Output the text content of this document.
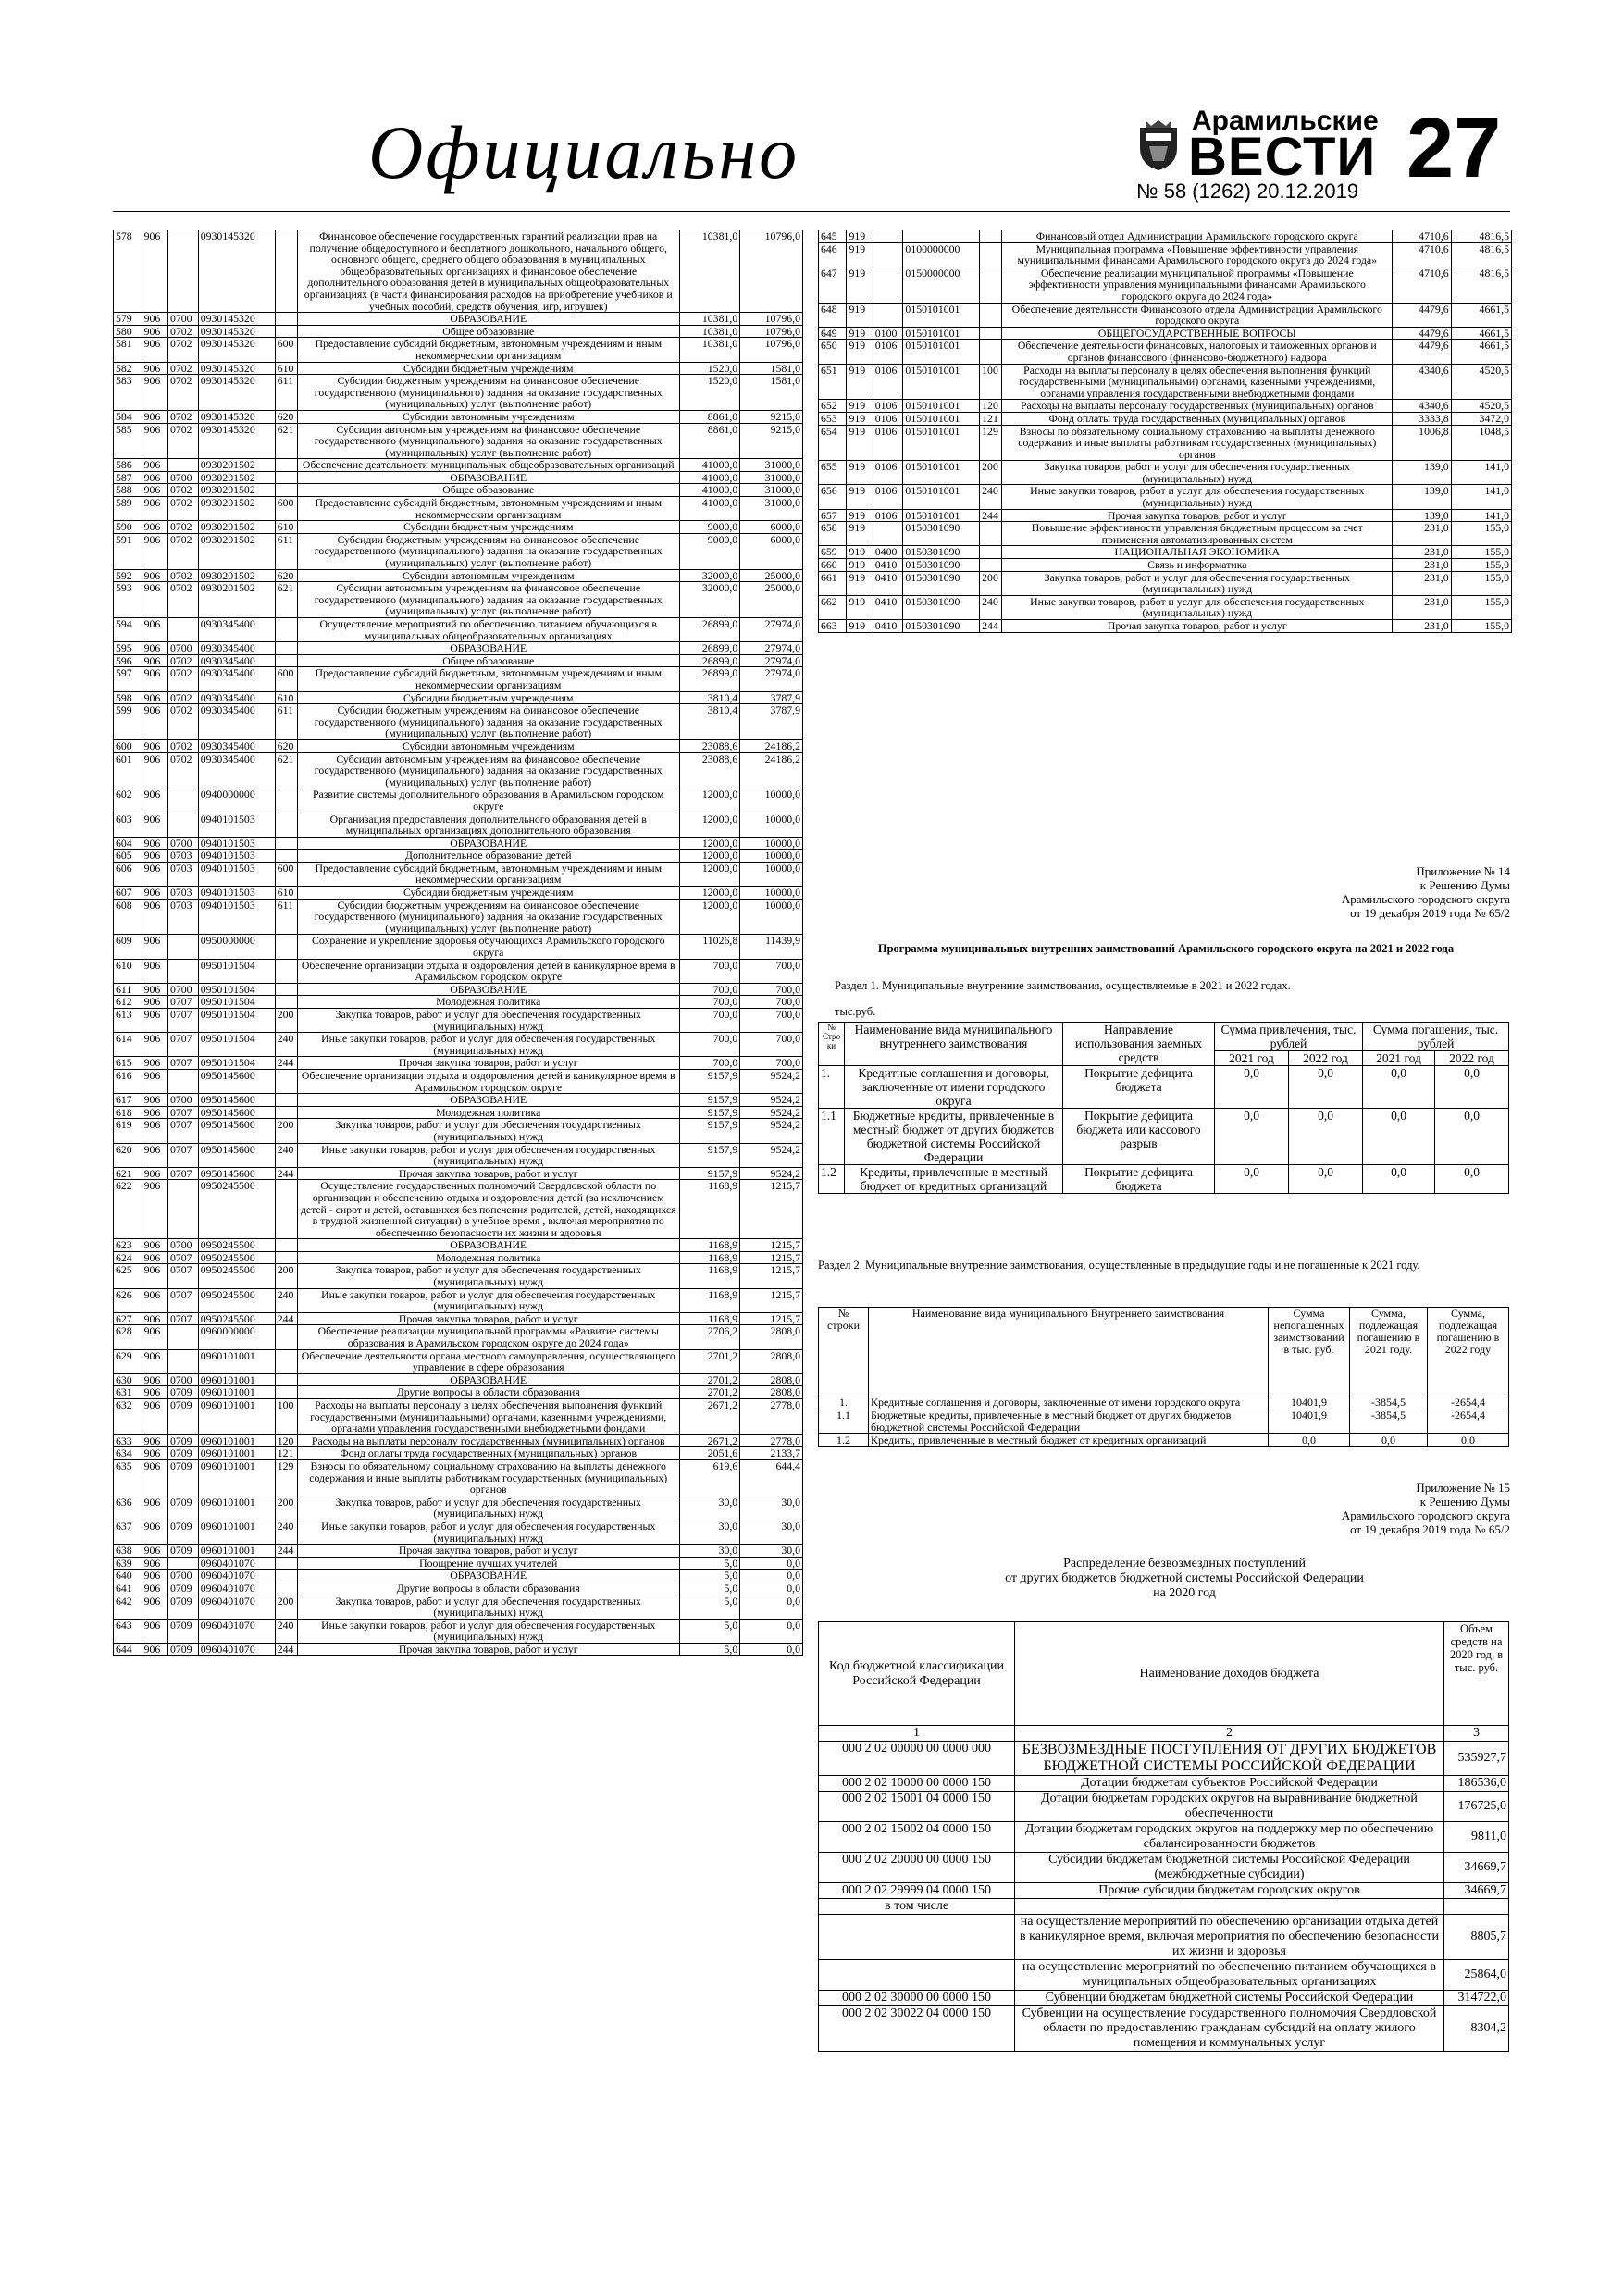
Официально	Арамильские
ВЕСТИ 27
№ 58 (1262) 20.12.2019
578	906		0930145320		Финансовое обеспечение государственных гарантий реализации прав на получение общедоступного и бесплатного дошкольного, начального общего, основного общего, среднего общего образования в муниципальных общеобразовательных организациях и финансовое обеспечение дополнительного образования детей в муниципальных общеобразовательных организациях (в части финансирования расходов на приобретение учебников и учебных пособий, средств обучения, игр, игрушек)	10381,0	10796,0
579	906	0700	0930145320		ОБРАЗОВАНИЕ	10381,0	10796,0
580	906	0702	0930145320		Общее образование	10381,0	10796,0
581	906	0702	0930145320	600	Предоставление субсидий бюджетным, автономным учреждениям и иным некоммерческим организациям	10381,0	10796,0
582	906	0702	0930145320	610	Субсидии бюджетным учреждениям	1520,0	1581,0
583	906	0702	0930145320	611	Субсидии бюджетным учреждениям на финансовое обеспечение государственного (муниципального) задания на оказание государственных (муниципальных) услуг (выполнение работ)	1520,0	1581,0
584	906	0702	0930145320	620	Субсидии автономным учреждениям	8861,0	9215,0
585	906	0702	0930145320	621	Субсидии автономным учреждениям на финансовое обеспечение государственного (муниципального) задания на оказание государственных (муниципальных) услуг (выполнение работ)	8861,0	9215,0
586	906		0930201502		Обеспечение деятельности муниципальных общеобразовательных организаций	41000,0	31000,0
587	906	0700	0930201502		ОБРАЗОВАНИЕ	41000,0	31000,0
588	906	0702	0930201502		Общее образование	41000,0	31000,0
589	906	0702	0930201502	600	Предоставление субсидий бюджетным, автономным учреждениям и иным некоммерческим организациям	41000,0	31000,0
590	906	0702	0930201502	610	Субсидии бюджетным учреждениям	9000,0	6000,0
591	906	0702	0930201502	611	Субсидии бюджетным учреждениям на финансовое обеспечение государственного (муниципального) задания на оказание государственных (муниципальных) услуг (выполнение работ)	9000,0	6000,0
592	906	0702	0930201502	620	Субсидии автономным учреждениям	32000,0	25000,0
593	906	0702	0930201502	621	Субсидии автономным учреждениям на финансовое обеспечение государственного (муниципального) задания на оказание государственных (муниципальных) услуг (выполнение работ)	32000,0	25000,0
594	906		0930345400		Осуществление мероприятий по обеспечению питанием обучающихся в муниципальных общеобразовательных организациях	26899,0	27974,0
595	906	0700	0930345400		ОБРАЗОВАНИЕ	26899,0	27974,0
596	906	0702	0930345400		Общее образование	26899,0	27974,0
597	906	0702	0930345400	600	Предоставление субсидий бюджетным, автономным учреждениям и иным некоммерческим организациям	26899,0	27974,0
598	906	0702	0930345400	610	Субсидии бюджетным учреждениям	3810,4	3787,9
599	906	0702	0930345400	611	Субсидии бюджетным учреждениям на финансовое обеспечение государственного (муниципального) задания на оказание государственных (муниципальных) услуг (выполнение работ)	3810,4	3787,9
600	906	0702	0930345400	620	Субсидии автономным учреждениям	23088,6	24186,2
601	906	0702	0930345400	621	Субсидии автономным учреждениям на финансовое обеспечение государственного (муниципального) задания на оказание государственных (муниципальных) услуг (выполнение работ)	23088,6	24186,2
602	906		0940000000		Развитие системы дополнительного образования в Арамильском городском округе	12000,0	10000,0
603	906		0940101503		Организация предоставления дополнительного образования детей в муниципальных организациях дополнительного образования	12000,0	10000,0
604	906	0700	0940101503		ОБРАЗОВАНИЕ	12000,0	10000,0
605	906	0703	0940101503		Дополнительное образование детей	12000,0	10000,0
606	906	0703	0940101503	600	Предоставление субсидий бюджетным, автономным учреждениям и иным некоммерческим организациям	12000,0	10000,0
607	906	0703	0940101503	610	Субсидии бюджетным учреждениям	12000,0	10000,0
608	906	0703	0940101503	611	Субсидии бюджетным учреждениям на финансовое обеспечение государственного (муниципального) задания на оказание государственных (муниципальных) услуг (выполнение работ)	12000,0	10000,0
609	906		0950000000		Сохранение и укрепление здоровья обучающихся Арамильского городского округа	11026,8	11439,9
610	906		0950101504		Обеспечение организации отдыха и оздоровления детей в каникулярное время в Арамильском городском округе	700,0	700,0
611	906	0700	0950101504		ОБРАЗОВАНИЕ	700,0	700,0
612	906	0707	0950101504		Молодежная политика	700,0	700,0
613	906	0707	0950101504	200	Закупка товаров, работ и услуг для обеспечения государственных (муниципальных) нужд	700,0	700,0
614	906	0707	0950101504	240	Иные закупки товаров, работ и услуг для обеспечения государственных (муниципальных) нужд	700,0	700,0
615	906	0707	0950101504	244	Прочая закупка товаров, работ и услуг	700,0	700,0
616	906		0950145600		Обеспечение организации отдыха и оздоровления детей в каникулярное время в Арамильском городском округе	9157,9	9524,2
617	906	0700	0950145600		ОБРАЗОВАНИЕ	9157,9	9524,2
618	906	0707	0950145600		Молодежная политика	9157,9	9524,2
619	906	0707	0950145600	200	Закупка товаров, работ и услуг для обеспечения государственных (муниципальных) нужд	9157,9	9524,2
620	906	0707	0950145600	240	Иные закупки товаров, работ и услуг для обеспечения государственных (муниципальных) нужд	9157,9	9524,2
621	906	0707	0950145600	244	Прочая закупка товаров, работ и услуг	9157,9	9524,2
622	906		0950245500		Осуществление государственных полномочий Свердловской области по организации и обеспечению отдыха и оздоровления детей (за исключением детей - сирот и детей, оставшихся без попечения родителей, детей, находящихся в трудной жизненной ситуации) в учебное время , включая мероприятия по обеспечению безопасности их жизни и здоровья	1168,9	1215,7
623	906	0700	0950245500		ОБРАЗОВАНИЕ	1168,9	1215,7
624	906	0707	0950245500		Молодежная политика	1168,9	1215,7
625	906	0707	0950245500	200	Закупка товаров, работ и услуг для обеспечения государственных (муниципальных) нужд	1168,9	1215,7
626	906	0707	0950245500	240	Иные закупки товаров, работ и услуг для обеспечения государственных (муниципальных) нужд	1168,9	1215,7
627	906	0707	0950245500	244	Прочая закупка товаров, работ и услуг	1168,9	1215,7
628	906		0960000000		Обеспечение реализации муниципальной программы «Развитие системы образования в Арамильском городском округе до 2024 года»	2706,2	2808,0
629	906		0960101001		Обеспечение деятельности органа местного самоуправления, осуществляющего управление в сфере образования	2701,2	2808,0
630	906	0700	0960101001		ОБРАЗОВАНИЕ	2701,2	2808,0
631	906	0709	0960101001		Другие вопросы в области образования	2701,2	2808,0
632	906	0709	0960101001	100	Расходы на выплаты персоналу в целях обеспечения выполнения функций государственными (муниципальными) органами, казенными учреждениями, органами управления государственными внебюджетными фондами	2671,2	2778,0
633	906	0709	0960101001	120	Расходы на выплаты персоналу государственных (муниципальных) органов	2671,2	2778,0
634	906	0709	0960101001	121	Фонд оплаты труда государственных (муниципальных) органов	2051,6	2133,7
635	906	0709	0960101001	129	Взносы по обязательному социальному страхованию на выплаты денежного содержания и иные выплаты работникам государственных (муниципальных) органов	619,6	644,4
636	906	0709	0960101001	200	Закупка товаров, работ и услуг для обеспечения государственных (муниципальных) нужд	30,0	30,0
637	906	0709	0960101001	240	Иные закупки товаров, работ и услуг для обеспечения государственных (муниципальных) нужд	30,0	30,0
638	906	0709	0960101001	244	Прочая закупка товаров, работ и услуг	30,0	30,0
639	906		0960401070		Поощрение лучших учителей	5,0	0,0
640	906	0700	0960401070		ОБРАЗОВАНИЕ	5,0	0,0
641	906	0709	0960401070		Другие вопросы в области образования	5,0	0,0
642	906	0709	0960401070	200	Закупка товаров, работ и услуг для обеспечения государственных (муниципальных) нужд	5,0	0,0
643	906	0709	0960401070	240	Иные закупки товаров, работ и услуг для обеспечения государственных (муниципальных) нужд	5,0	0,0
644	906	0709	0960401070	244	Прочая закупка товаров, работ и услуг	5,0	0,0
645	919				Финансовый отдел Администрации Арамильского городского округа	4710,6	4816,5
646	919		0100000000		Муниципальная программа «Повышение эффективности управления муниципальными финансами Арамильского городского округа до 2024 года»	4710,6	4816,5
647	919		0150000000		Обеспечение реализации муниципальной программы «Повышение эффективности управления муниципальными финансами Арамильского городского округа до 2024 года»	4710,6	4816,5
648	919		0150101001		Обеспечение деятельности Финансового отдела Администрации Арамильского городского округа	4479,6	4661,5
649	919	0100	0150101001		ОБЩЕГОСУДАРСТВЕННЫЕ ВОПРОСЫ	4479,6	4661,5
650	919	0106	0150101001		Обеспечение деятельности финансовых, налоговых и таможенных органов и органов финансового (финансово-бюджетного) надзора	4479,6	4661,5
651	919	0106	0150101001	100	Расходы на выплаты персоналу в целях обеспечения выполнения функций государственными (муниципальными) органами, казенными учреждениями, органами управления государственными внебюджетными фондами	4340,6	4520,5
652	919	0106	0150101001	120	Расходы на выплаты персоналу государственных (муниципальных) органов	4340,6	4520,5
653	919	0106	0150101001	121	Фонд оплаты труда государственных (муниципальных) органов	3333,8	3472,0
654	919	0106	0150101001	129	Взносы по обязательному социальному страхованию на выплаты денежного содержания и иные выплаты работникам государственных (муниципальных) органов	1006,8	1048,5
655	919	0106	0150101001	200	Закупка товаров, работ и услуг для обеспечения государственных (муниципальных) нужд	139,0	141,0
656	919	0106	0150101001	240	Иные закупки товаров, работ и услуг для обеспечения государственных (муниципальных) нужд	139,0	141,0
657	919	0106	0150101001	244	Прочая закупка товаров, работ и услуг	139,0	141,0
658	919		0150301090		Повышение эффективности управления бюджетным процессом за счет применения автоматизированных систем	231,0	155,0
659	919	0400	0150301090		НАЦИОНАЛЬНАЯ ЭКОНОМИКА	231,0	155,0
660	919	0410	0150301090		Связь и информатика	231,0	155,0
661	919	0410	0150301090	200	Закупка товаров, работ и услуг для обеспечения государственных (муниципальных) нужд	231,0	155,0
662	919	0410	0150301090	240	Иные закупки товаров, работ и услуг для обеспечения государственных (муниципальных) нужд	231,0	155,0
663	919	0410	0150301090	244	Прочая закупка товаров, работ и услуг	231,0	155,0
Приложение № 14
к Решению Думы
Арамильского городского округа
от 19 декабря 2019 года № 65/2
Программа муниципальных внутренних заимствований Арамильского городского округа на 2021 и 2022 года
Раздел 1. Муниципальные внутренние заимствования, осуществляемые в 2021 и 2022 годах.
тыс.руб.
№ Строки	Наименование вида муниципального внутреннего заимствования	Направление использования заемных средств	Сумма привлечения, тыс. рублей		Сумма погашения, тыс. рублей	
			2021 год	2022 год	2021 год	2022 год
1.	Кредитные соглашения и договоры, заключенные от имени городского округа	Покрытие дефицита бюджета	0,0	0,0	0,0	0,0
1.1	Бюджетные кредиты, привлеченные в местный бюджет от других бюджетов бюджетной системы Российской Федерации	Покрытие дефицита бюджета или кассового разрыв	0,0	0,0	0,0	0,0
1.2	Кредиты, привлеченные в местный бюджет от кредитных организаций	Покрытие дефицита бюджета	0,0	0,0	0,0	0,0
Раздел 2. Муниципальные внутренние заимствования, осуществленные в предыдущие годы и не погашенные к 2021 году.
№ строки	Наименование вида муниципального Внутреннего заимствования	Сумма непогашенных заимствований в тыс. руб.	Сумма, подлежащая погашению в 2021 году.	Сумма, подлежащая погашению в 2022 году
1.	Кредитные соглашения и договоры, заключенные от имени городского округа	10401,9	-3854,5	-2654,4
1.1	Бюджетные кредиты, привлеченные в местный бюджет от других бюджетов бюджетной системы Российской Федерации	10401,9	-3854,5	-2654,4
1.2	Кредиты, привлеченные в местный бюджет от кредитных организаций	0,0	0,0	0,0
Приложение № 15
к Решению Думы
Арамильского городского округа
от 19 декабря 2019 года № 65/2
Распределение безвозмездных поступлений
от других бюджетов бюджетной системы Российской Федерации
на 2020 год
Код бюджетной классификации Российской Федерации	Наименование доходов бюджета	Объем средств на 2020 год, в тыс. руб.
1	2	3
000 2 02 00000 00 0000 000	БЕЗВОЗМЕЗДНЫЕ ПОСТУПЛЕНИЯ ОТ ДРУГИХ БЮДЖЕТОВ БЮДЖЕТНОЙ СИСТЕМЫ РОССИЙСКОЙ ФЕДЕРАЦИИ	535927,7
000 2 02 10000 00 0000 150	Дотации бюджетам субъектов Российской Федерации	186536,0
000 2 02 15001 04 0000 150	Дотации бюджетам городских округов на выравнивание бюджетной обеспеченности	176725,0
000 2 02 15002 04 0000 150	Дотации бюджетам городских округов на поддержку мер по обеспечению сбалансированности бюджетов	9811,0
000 2 02 20000 00 0000 150	Субсидии бюджетам бюджетной системы Российской Федерации (межбюджетные субсидии)	34669,7
000 2 02 29999 04 0000 150	Прочие субсидии бюджетам городских округов	34669,7
в том числе		
	на осуществление мероприятий по обеспечению организации отдыха детей в каникулярное время, включая мероприятия по обеспечению безопасности их жизни и здоровья	8805,7
	на осуществление мероприятий по обеспечению питанием обучающихся в муниципальных общеобразовательных организациях	25864,0
000 2 02 30000 00 0000 150	Субвенции бюджетам бюджетной системы Российской Федерации	314722,0
000 2 02 30022 04 0000 150	Субвенции на осуществление государственного полномочия Свердловской области по предоставлению гражданам субсидий на оплату жилого помещения и коммунальных услуг	8304,2
